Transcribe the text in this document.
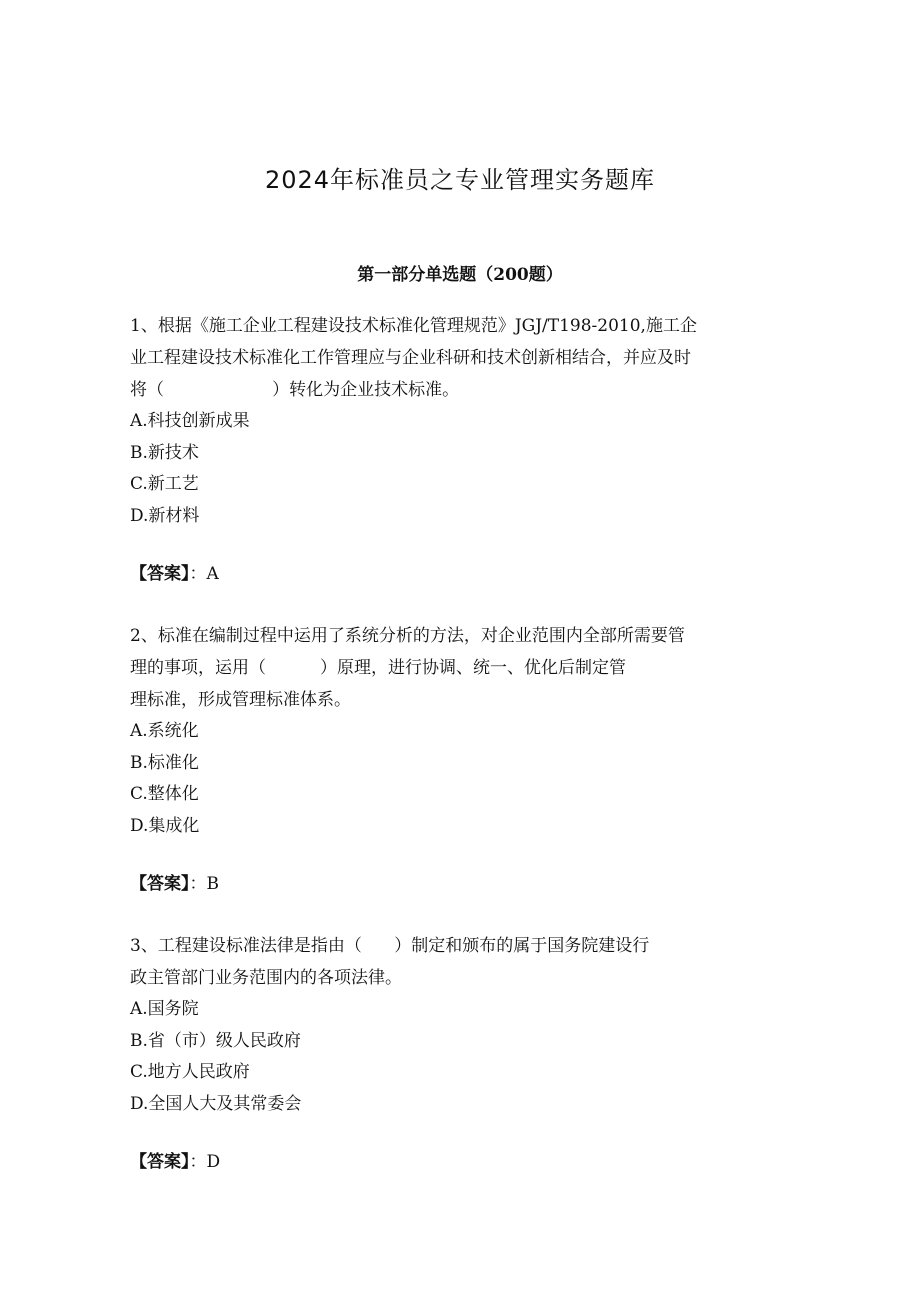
2024年标准员之专业管理实务题库
第一部分单选题（200题）

1、根据《施工企业工程建设技术标准化管理规范》JGJ/T198-2010,施工企

业工程建设技术标准化工作管理应与企业科研和技术创新相结合，并应及时

将（                    ）转化为企业技术标准。

A.科技创新成果

B.新技术

C.新工艺

D.新材料

【答案】：A

2、标准在编制过程中运用了系统分析的方法，对企业范围内全部所需要管

理的事项，运用（          ）原理，进行协调、统一、优化后制定管

理标准，形成管理标准体系。

A.系统化

B.标准化

C.整体化

D.集成化

【答案】：B

3、工程建设标准法律是指由（      ）制定和颁布的属于国务院建设行

政主管部门业务范围内的各项法律。

A.国务院

B.省（市）级人民政府

C.地方人民政府

D.全国人大及其常委会

【答案】：D
